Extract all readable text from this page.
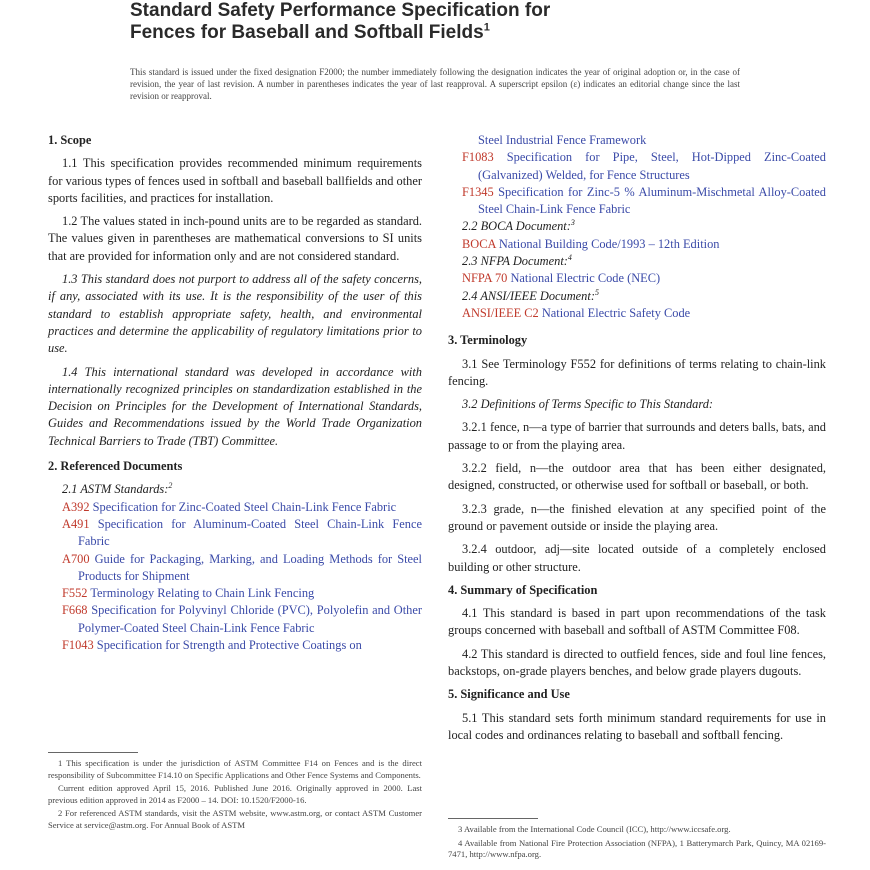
Standard Safety Performance Specification for
Fences for Baseball and Softball Fields$^1$
This standard is issued under the fixed designation F2000; the number immediately following the designation indicates the year of original adoption or, in the case of revision, the year of last revision. A number in parentheses indicates the year of last reapproval. A superscript epsilon (ε) indicates an editorial change since the last revision or reapproval.
1. Scope
1.1 This specification provides recommended minimum requirements for various types of fences used in softball and baseball ballfields and other sports facilities, and practices for installation.
1.2 The values stated in inch-pound units are to be regarded as standard. The values given in parentheses are mathematical conversions to SI units that are provided for information only and are not considered standard.
1.3 This standard does not purport to address all of the safety concerns, if any, associated with its use. It is the responsibility of the user of this standard to establish appropriate safety, health, and environmental practices and determine the applicability of regulatory limitations prior to use.
1.4 This international standard was developed in accordance with internationally recognized principles on standardization established in the Decision on Principles for the Development of International Standards, Guides and Recommendations issued by the World Trade Organization Technical Barriers to Trade (TBT) Committee.
2. Referenced Documents
2.1 ASTM Standards:$^2$
A392 Specification for Zinc-Coated Steel Chain-Link Fence Fabric
A491 Specification for Aluminum-Coated Steel Chain-Link Fence Fabric
A700 Guide for Packaging, Marking, and Loading Methods for Steel Products for Shipment
F552 Terminology Relating to Chain Link Fencing
F668 Specification for Polyvinyl Chloride (PVC), Polyolefin and Other Polymer-Coated Steel Chain-Link Fence Fabric
F1043 Specification for Strength and Protective Coatings on
Steel Industrial Fence Framework
F1083 Specification for Pipe, Steel, Hot-Dipped Zinc-Coated (Galvanized) Welded, for Fence Structures
F1345 Specification for Zinc-5 % Aluminum-Mischmetal Alloy-Coated Steel Chain-Link Fence Fabric
2.2 BOCA Document:$^3$
BOCA National Building Code/1993 – 12th Edition
2.3 NFPA Document:$^4$
NFPA 70 National Electric Code (NEC)
2.4 ANSI/IEEE Document:$^5$
ANSI/IEEE C2 National Electric Safety Code
3. Terminology
3.1 See Terminology F552 for definitions of terms relating to chain-link fencing.
3.2 Definitions of Terms Specific to This Standard:
3.2.1 fence, n—a type of barrier that surrounds and deters balls, bats, and passage to or from the playing area.
3.2.2 field, n—the outdoor area that has been either designated, designed, constructed, or otherwise used for softball or baseball, or both.
3.2.3 grade, n—the finished elevation at any specified point of the ground or pavement outside or inside the playing area.
3.2.4 outdoor, adj—site located outside of a completely enclosed building or other structure.
4. Summary of Specification
4.1 This standard is based in part upon recommendations of the task groups concerned with baseball and softball of ASTM Committee F08.
4.2 This standard is directed to outfield fences, side and foul line fences, backstops, on-grade players benches, and below grade players dugouts.
5. Significance and Use
5.1 This standard sets forth minimum standard requirements for use in local codes and ordinances relating to baseball and softball fencing.

1 This specification is under the jurisdiction of ASTM Committee F14 on Fences and is the direct responsibility of Subcommittee F14.10 on Specific Applications and Other Fence Systems and Components.

Current edition approved April 15, 2016. Published June 2016. Originally approved in 2000. Last previous edition approved in 2014 as F2000 – 14. DOI: 10.1520/F2000-16.

2 For referenced ASTM standards, visit the ASTM website, www.astm.org, or contact ASTM Customer Service at service@astm.org. For Annual Book of ASTM	3 Available from the International Code Council (ICC), http://www.iccsafe.org.

4 Available from National Fire Protection Association (NFPA), 1 Batterymarch Park, Quincy, MA 02169-7471, http://www.nfpa.org.
